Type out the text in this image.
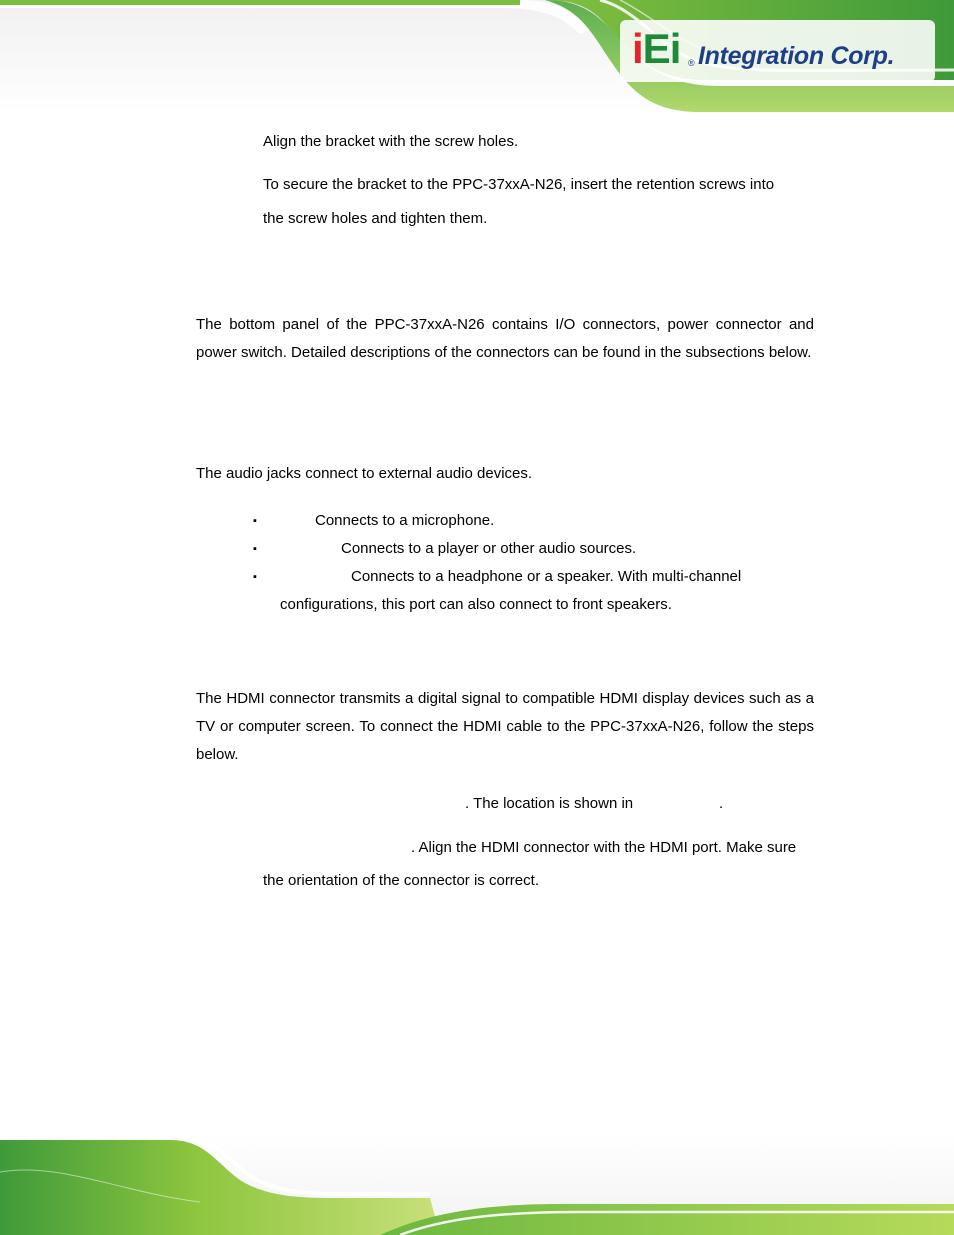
iEi ® Integration Corp.
Align the bracket with the screw holes.
To secure the bracket to the PPC-37xxA-N26, insert the retention screws into
the screw holes and tighten them.
The bottom panel of the PPC-37xxA-N26 contains I/O connectors, power connector and power switch. Detailed descriptions of the connectors can be found in the subsections below.
The audio jacks connect to external audio devices.
▪	Connects to a microphone.
▪	Connects to a player or other audio sources.
▪	Connects to a headphone or a speaker. With multi-channel
configurations, this port can also connect to front speakers.
The HDMI connector transmits a digital signal to compatible HDMI display devices such as a TV or computer screen. To connect the HDMI cable to the PPC-37xxA-N26, follow the steps below.
. The location is shown in	.
. Align the HDMI connector with the HDMI port. Make sure
the orientation of the connector is correct.
